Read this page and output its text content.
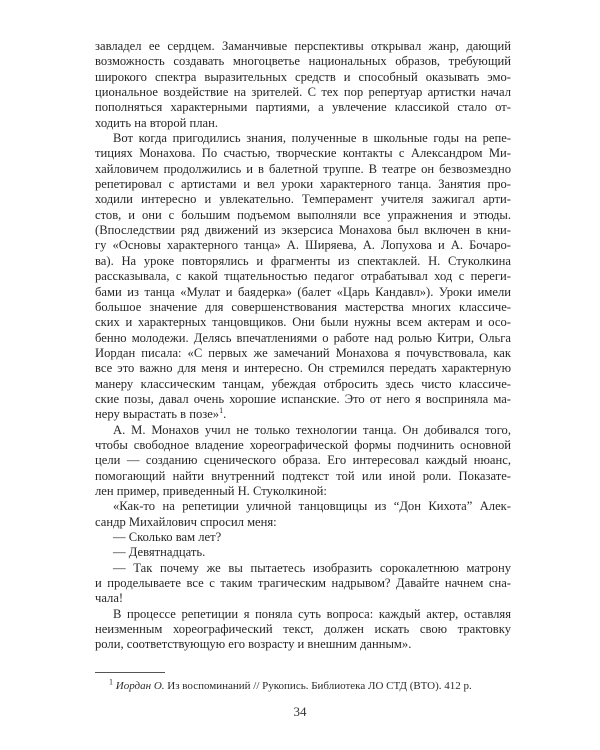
завладел ее сердцем. Заманчивые перспективы открывал жанр, дающий
возможность создавать многоцветье национальных образов, требующий
широкого спектра выразительных средств и способный оказывать эмо-
циональное воздействие на зрителей. С тех пор репертуар артистки начал
пополняться характерными партиями, а увлечение классикой стало от-
ходить на второй план.
Вот когда пригодились знания, полученные в школьные годы на репе-
тициях Монахова. По счастью, творческие контакты с Александром Ми-
хайловичем продолжились и в балетной труппе. В театре он безвозмездно
репетировал с артистами и вел уроки характерного танца. Занятия про-
ходили интересно и увлекательно. Темперамент учителя зажигал арти-
стов, и они с большим подъемом выполняли все упражнения и этюды.
(Впоследствии ряд движений из экзерсиса Монахова был включен в кни-
гу «Основы характерного танца» А. Ширяева, А. Лопухова и А. Бочаро-
ва). На уроке повторялись и фрагменты из спектаклей. Н. Стуколкина
рассказывала, с какой тщательностью педагог отрабатывал ход с переги-
бами из танца «Мулат и баядерка» (балет «Царь Кандавл»). Уроки имели
большое значение для совершенствования мастерства многих классиче-
ских и характерных танцовщиков. Они были нужны всем актерам и осо-
бенно молодежи. Делясь впечатлениями о работе над ролью Китри, Ольга
Иордан писала: «С первых же замечаний Монахова я почувствовала, как
все это важно для меня и интересно. Он стремился передать характерную
манеру классическим танцам, убеждая отбросить здесь чисто классиче-
ские позы, давал очень хорошие испанские. Это от него я восприняла ма-
неру вырастать в позе»$^1$.
А. М. Монахов учил не только технологии танца. Он добивался того,
чтобы свободное владение хореографической формы подчинить основной
цели — созданию сценического образа. Его интересовал каждый нюанс,
помогающий найти внутренний подтекст той или иной роли. Показате-
лен пример, приведенный Н. Стуколкиной:
«Как-то на репетиции уличной танцовщицы из “Дон Кихота” Алек-
сандр Михайлович спросил меня:
— Сколько вам лет?
— Девятнадцать.
— Так почему же вы пытаетесь изобразить сорокалетнюю матрону
и проделываете все с таким трагическим надрывом? Давайте начнем сна-
чала!
В процессе репетиции я поняла суть вопроса: каждый актер, оставляя
неизменным хореографический текст, должен искать свою трактовку
роли, соответствующую его возрасту и внешним данным».
$^1$ Иордан О. Из воспоминаний // Рукопись. Библиотека ЛО СТД (ВТО). 412 р.
34
